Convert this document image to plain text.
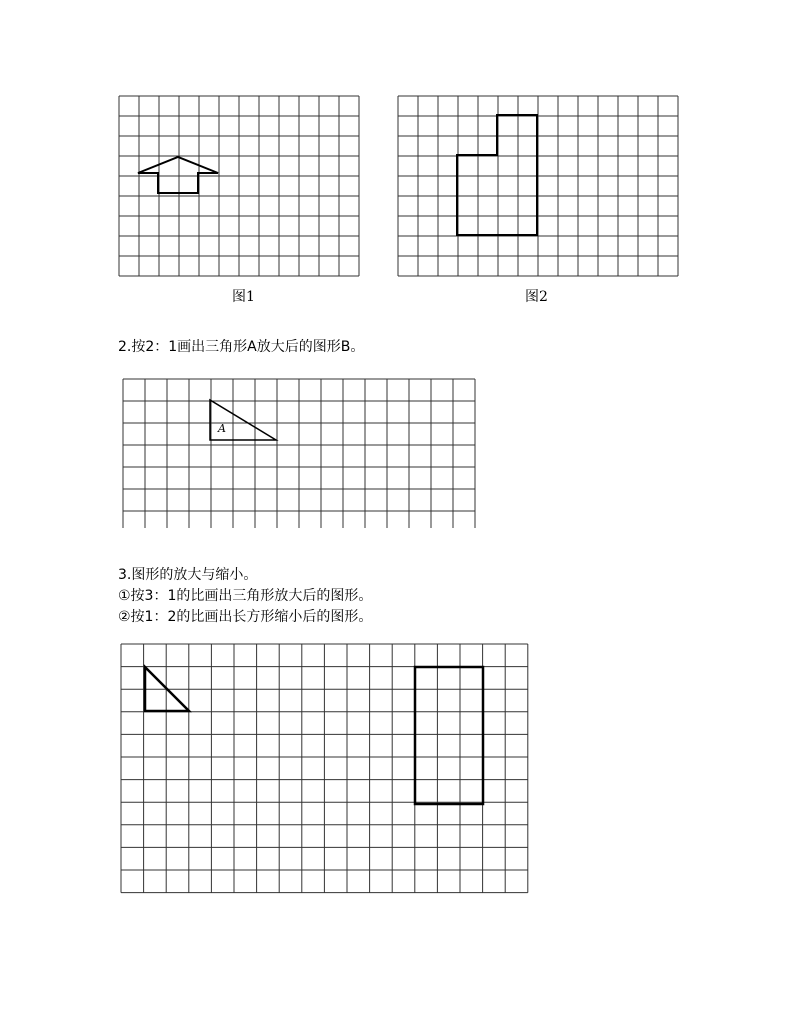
图1	图2
2.按2：1画出三角形A放大后的图形B。
A
3.图形的放大与缩小。
①按3：1的比画出三角形放大后的图形。
②按1：2的比画出长方形缩小后的图形。
